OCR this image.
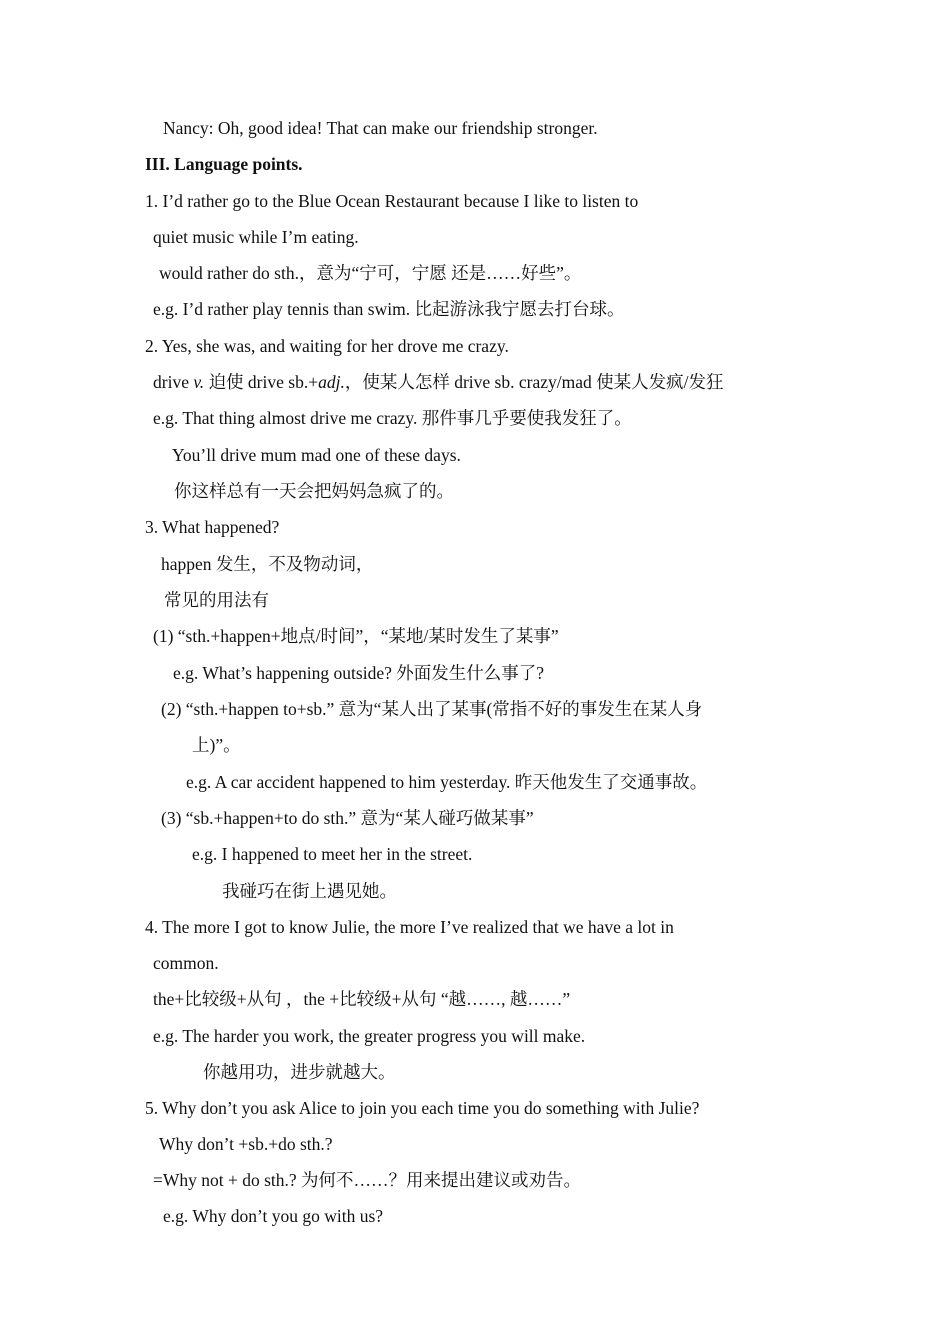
Nancy: Oh, good idea! That can make our friendship stronger.
III. Language points.
1. I’d rather go to the Blue Ocean Restaurant because I like to listen to
quiet music while I’m eating.
would rather do sth.，意为“宁可，宁愿 还是……好些”。
e.g. I’d rather play tennis than swim. 比起游泳我宁愿去打台球。
2. Yes, she was, and waiting for her drove me crazy.
drive v. 迫使 drive sb.+adj.，使某人怎样 drive sb. crazy/mad 使某人发疯/发狂
e.g. That thing almost drive me crazy. 那件事几乎要使我发狂了。
You’ll drive mum mad one of these days.
你这样总有一天会把妈妈急疯了的。
3. What happened?
happen 发生，不及物动词，
常见的用法有
(1) “sth.+happen+地点/时间”，“某地/某时发生了某事”
e.g. What’s happening outside? 外面发生什么事了?
(2) “sth.+happen to+sb.” 意为“某人出了某事(常指不好的事发生在某人身
上)”。
e.g. A car accident happened to him yesterday. 昨天他发生了交通事故。
(3) “sb.+happen+to do sth.” 意为“某人碰巧做某事”
e.g. I happened to meet her in the street.
我碰巧在街上遇见她。
4. The more I got to know Julie, the more I’ve realized that we have a lot in
common.
the+比较级+从句 ，the +比较级+从句 “越……, 越……”
e.g. The harder you work, the greater progress you will make.
你越用功，进步就越大。
5. Why don’t you ask Alice to join you each time you do something with Julie?
Why don’t +sb.+do sth.?
=Why not + do sth.? 为何不……？用来提出建议或劝告。
e.g. Why don’t you go with us?
